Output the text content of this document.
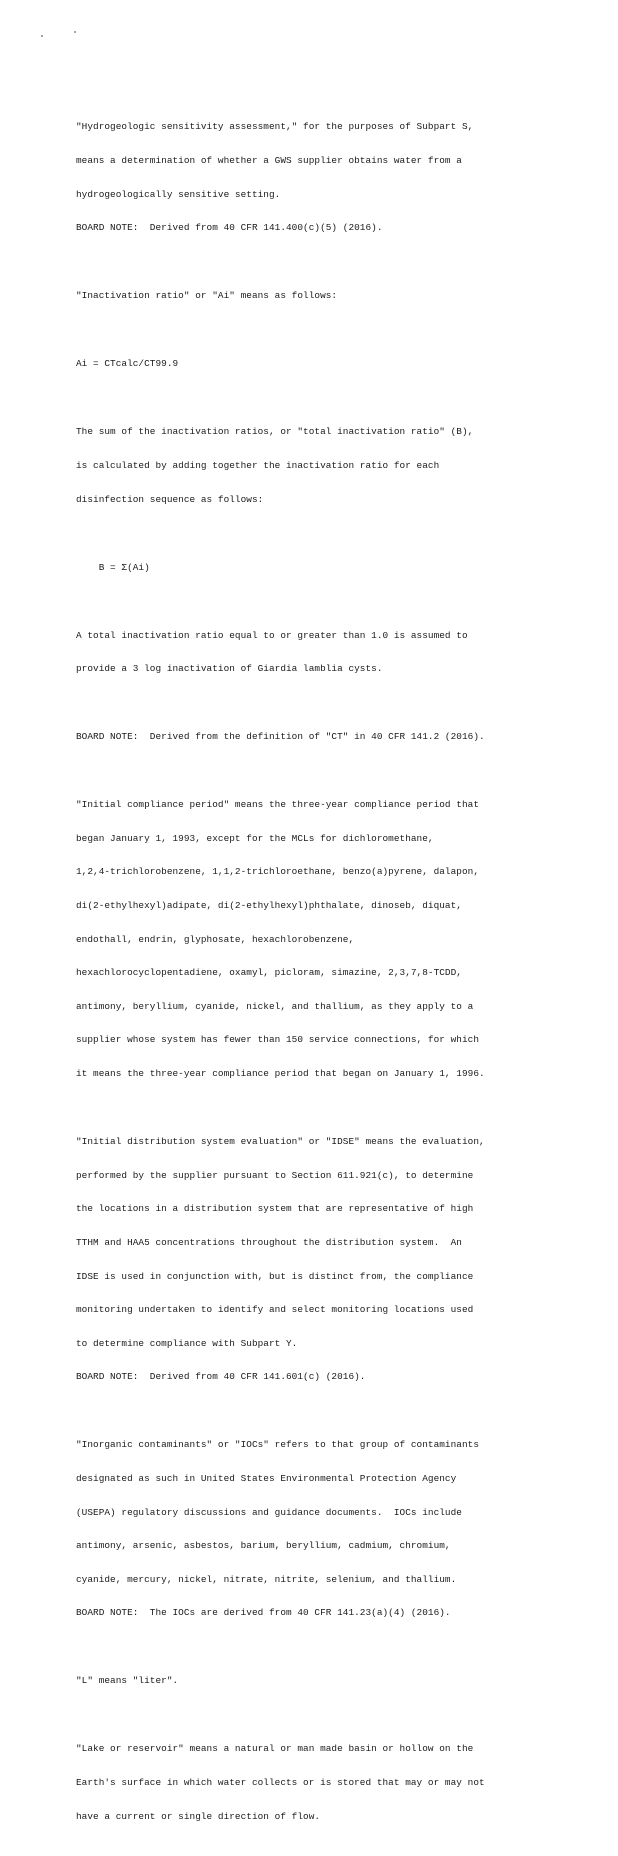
"Hydrogeologic sensitivity assessment," for the purposes of Subpart S,

means a determination of whether a GWS supplier obtains water from a

hydrogeologically sensitive setting.

BOARD NOTE:  Derived from 40 CFR 141.400(c)(5) (2016).

"Inactivation ratio" or "Ai" means as follows:

Ai = CTcalc/CT99.9

The sum of the inactivation ratios, or "total inactivation ratio" (B),

is calculated by adding together the inactivation ratio for each

disinfection sequence as follows:

B = Σ(Ai)

A total inactivation ratio equal to or greater than 1.0 is assumed to

provide a 3 log inactivation of Giardia lamblia cysts.

BOARD NOTE:  Derived from the definition of "CT" in 40 CFR 141.2 (2016).

"Initial compliance period" means the three-year compliance period that

began January 1, 1993, except for the MCLs for dichloromethane,

1,2,4-trichlorobenzene, 1,1,2-trichloroethane, benzo(a)pyrene, dalapon,

di(2-ethylhexyl)adipate, di(2-ethylhexyl)phthalate, dinoseb, diquat,

endothall, endrin, glyphosate, hexachlorobenzene,

hexachlorocyclopentadiene, oxamyl, picloram, simazine, 2,3,7,8-TCDD,

antimony, beryllium, cyanide, nickel, and thallium, as they apply to a

supplier whose system has fewer than 150 service connections, for which

it means the three-year compliance period that began on January 1, 1996.

"Initial distribution system evaluation" or "IDSE" means the evaluation,

performed by the supplier pursuant to Section 611.921(c), to determine

the locations in a distribution system that are representative of high

TTHM and HAA5 concentrations throughout the distribution system.  An

IDSE is used in conjunction with, but is distinct from, the compliance

monitoring undertaken to identify and select monitoring locations used

to determine compliance with Subpart Y.

BOARD NOTE:  Derived from 40 CFR 141.601(c) (2016).

"Inorganic contaminants" or "IOCs" refers to that group of contaminants

designated as such in United States Environmental Protection Agency

(USEPA) regulatory discussions and guidance documents.  IOCs include

antimony, arsenic, asbestos, barium, beryllium, cadmium, chromium,

cyanide, mercury, nickel, nitrate, nitrite, selenium, and thallium.

BOARD NOTE:  The IOCs are derived from 40 CFR 141.23(a)(4) (2016).

"L" means "liter".

"Lake or reservoir" means a natural or man made basin or hollow on the

Earth's surface in which water collects or is stored that may or may not

have a current or single direction of flow.
